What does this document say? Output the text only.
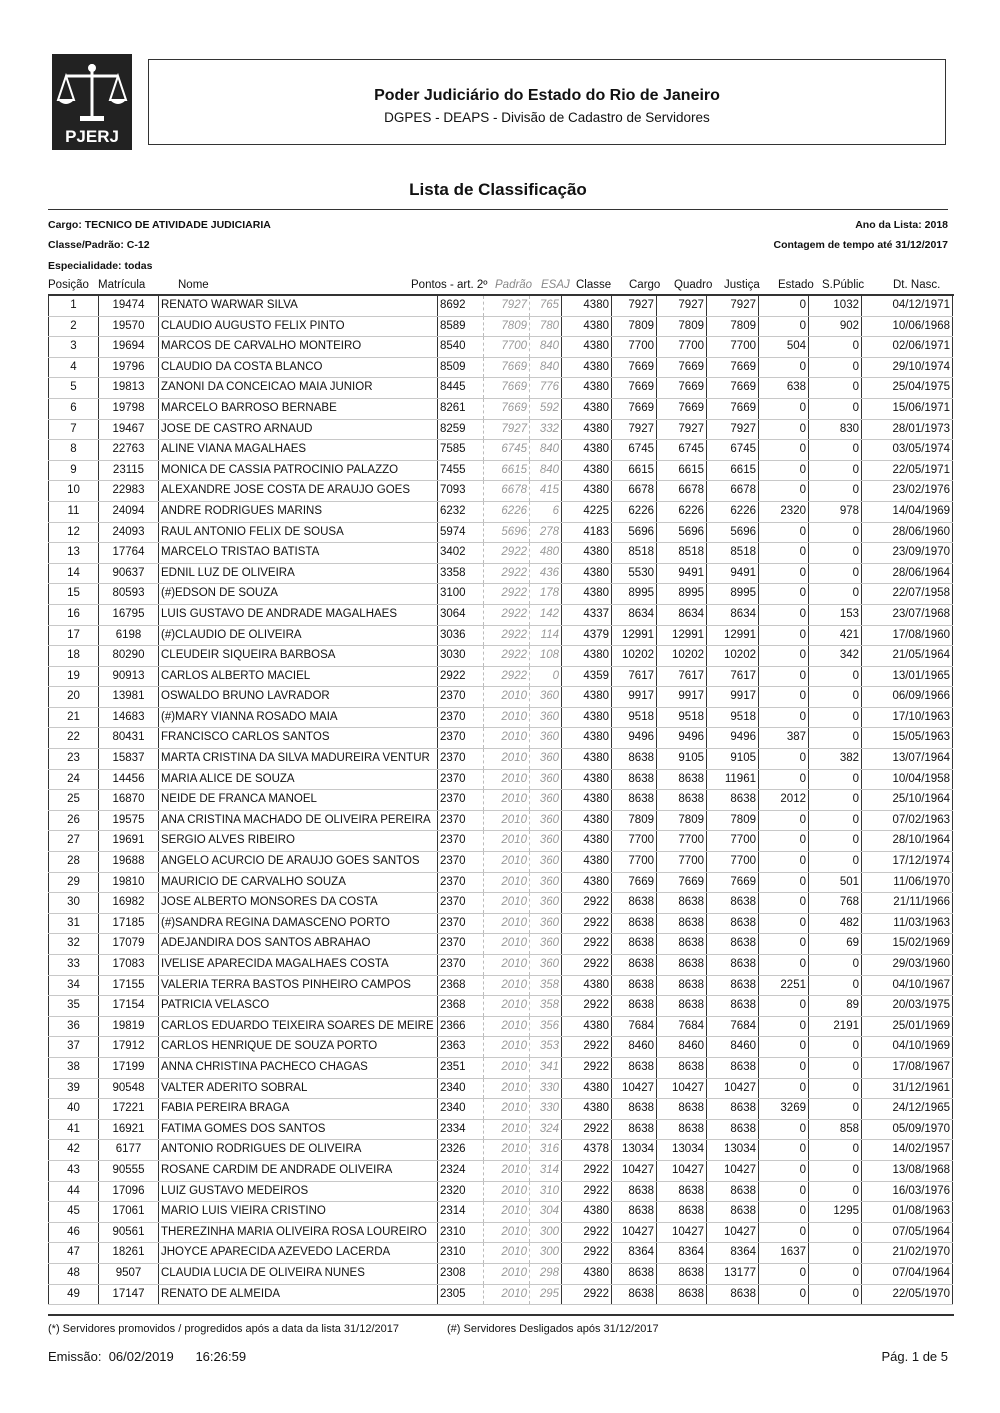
PJERJ
Poder Judiciário do Estado do Rio de Janeiro
DGPES - DEAPS - Divisão de Cadastro de Servidores
Lista de Classificação
Cargo: TECNICO DE ATIVIDADE JUDICIARIA	Ano da Lista: 2018
Classe/Padrão: C-12	Contagem de tempo até 31/12/2017
Especialidade: todas
Posição Matrícula	Nome	Pontos - art. 2º Padrão ESAJ Classe Cargo Quadro Justiça Estado S.Públic	Dt. Nasc.
1	19474	RENATO WARWAR SILVA	8692	7927	765	4380	7927	7927	7927	0	1032	04/12/1971
2	19570	CLAUDIO AUGUSTO FELIX PINTO	8589	7809	780	4380	7809	7809	7809	0	902	10/06/1968
3	19694	MARCOS DE CARVALHO MONTEIRO	8540	7700	840	4380	7700	7700	7700	504	0	02/06/1971
4	19796	CLAUDIO DA COSTA BLANCO	8509	7669	840	4380	7669	7669	7669	0	0	29/10/1974
5	19813	ZANONI DA CONCEICAO MAIA JUNIOR	8445	7669	776	4380	7669	7669	7669	638	0	25/04/1975
6	19798	MARCELO BARROSO BERNABE	8261	7669	592	4380	7669	7669	7669	0	0	15/06/1971
7	19467	JOSE DE CASTRO ARNAUD	8259	7927	332	4380	7927	7927	7927	0	830	28/01/1973
8	22763	ALINE VIANA MAGALHAES	7585	6745	840	4380	6745	6745	6745	0	0	03/05/1974
9	23115	MONICA DE CASSIA PATROCINIO PALAZZO	7455	6615	840	4380	6615	6615	6615	0	0	22/05/1971
10	22983	ALEXANDRE JOSE COSTA DE ARAUJO GOES	7093	6678	415	4380	6678	6678	6678	0	0	23/02/1976
11	24094	ANDRE RODRIGUES MARINS	6232	6226	6	4225	6226	6226	6226	2320	978	14/04/1969
12	24093	RAUL ANTONIO FELIX DE SOUSA	5974	5696	278	4183	5696	5696	5696	0	0	28/06/1960
13	17764	MARCELO TRISTAO BATISTA	3402	2922	480	4380	8518	8518	8518	0	0	23/09/1970
14	90637	EDNIL LUZ DE OLIVEIRA	3358	2922	436	4380	5530	9491	9491	0	0	28/06/1964
15	80593	(#)EDSON DE SOUZA	3100	2922	178	4380	8995	8995	8995	0	0	22/07/1958
16	16795	LUIS GUSTAVO DE ANDRADE MAGALHAES	3064	2922	142	4337	8634	8634	8634	0	153	23/07/1968
17	6198	(#)CLAUDIO DE OLIVEIRA	3036	2922	114	4379	12991	12991	12991	0	421	17/08/1960
18	80290	CLEUDEIR SIQUEIRA BARBOSA	3030	2922	108	4380	10202	10202	10202	0	342	21/05/1964
19	90913	CARLOS ALBERTO MACIEL	2922	2922	0	4359	7617	7617	7617	0	0	13/01/1965
20	13981	OSWALDO BRUNO LAVRADOR	2370	2010	360	4380	9917	9917	9917	0	0	06/09/1966
21	14683	(#)MARY VIANNA ROSADO MAIA	2370	2010	360	4380	9518	9518	9518	0	0	17/10/1963
22	80431	FRANCISCO CARLOS SANTOS	2370	2010	360	4380	9496	9496	9496	387	0	15/05/1963
23	15837	MARTA CRISTINA DA SILVA MADUREIRA VENTUR	2370	2010	360	4380	8638	9105	9105	0	382	13/07/1964
24	14456	MARIA ALICE DE SOUZA	2370	2010	360	4380	8638	8638	11961	0	0	10/04/1958
25	16870	NEIDE DE FRANCA MANOEL	2370	2010	360	4380	8638	8638	8638	2012	0	25/10/1964
26	19575	ANA CRISTINA MACHADO DE OLIVEIRA PEREIRA	2370	2010	360	4380	7809	7809	7809	0	0	07/02/1963
27	19691	SERGIO ALVES RIBEIRO	2370	2010	360	4380	7700	7700	7700	0	0	28/10/1964
28	19688	ANGELO ACURCIO DE ARAUJO GOES SANTOS	2370	2010	360	4380	7700	7700	7700	0	0	17/12/1974
29	19810	MAURICIO DE CARVALHO SOUZA	2370	2010	360	4380	7669	7669	7669	0	501	11/06/1970
30	16982	JOSE ALBERTO MONSORES DA COSTA	2370	2010	360	2922	8638	8638	8638	0	768	21/11/1966
31	17185	(#)SANDRA REGINA DAMASCENO PORTO	2370	2010	360	2922	8638	8638	8638	0	482	11/03/1963
32	17079	ADEJANDIRA DOS SANTOS ABRAHAO	2370	2010	360	2922	8638	8638	8638	0	69	15/02/1969
33	17083	IVELISE APARECIDA MAGALHAES COSTA	2370	2010	360	2922	8638	8638	8638	0	0	29/03/1960
34	17155	VALERIA TERRA BASTOS PINHEIRO CAMPOS	2368	2010	358	4380	8638	8638	8638	2251	0	04/10/1967
35	17154	PATRICIA VELASCO	2368	2010	358	2922	8638	8638	8638	0	89	20/03/1975
36	19819	CARLOS EDUARDO TEIXEIRA SOARES DE MEIRE	2366	2010	356	4380	7684	7684	7684	0	2191	25/01/1969
37	17912	CARLOS HENRIQUE DE SOUZA PORTO	2363	2010	353	2922	8460	8460	8460	0	0	04/10/1969
38	17199	ANNA CHRISTINA PACHECO CHAGAS	2351	2010	341	2922	8638	8638	8638	0	0	17/08/1967
39	90548	VALTER ADERITO SOBRAL	2340	2010	330	4380	10427	10427	10427	0	0	31/12/1961
40	17221	FABIA PEREIRA BRAGA	2340	2010	330	4380	8638	8638	8638	3269	0	24/12/1965
41	16921	FATIMA GOMES DOS SANTOS	2334	2010	324	2922	8638	8638	8638	0	858	05/09/1970
42	6177	ANTONIO RODRIGUES DE OLIVEIRA	2326	2010	316	4378	13034	13034	13034	0	0	14/02/1957
43	90555	ROSANE CARDIM DE ANDRADE OLIVEIRA	2324	2010	314	2922	10427	10427	10427	0	0	13/08/1968
44	17096	LUIZ GUSTAVO MEDEIROS	2320	2010	310	2922	8638	8638	8638	0	0	16/03/1976
45	17061	MARIO LUIS VIEIRA CRISTINO	2314	2010	304	4380	8638	8638	8638	0	1295	01/08/1963
46	90561	THEREZINHA MARIA OLIVEIRA ROSA LOUREIRO	2310	2010	300	2922	10427	10427	10427	0	0	07/05/1964
47	18261	JHOYCE APARECIDA AZEVEDO LACERDA	2310	2010	300	2922	8364	8364	8364	1637	0	21/02/1970
48	9507	CLAUDIA LUCIA DE OLIVEIRA NUNES	2308	2010	298	4380	8638	8638	13177	0	0	07/04/1964
49	17147	RENATO DE ALMEIDA	2305	2010	295	2922	8638	8638	8638	0	0	22/05/1970
(*) Servidores promovidos / progredidos após a data da lista 31/12/2017	(#) Servidores Desligados após 31/12/2017
Emissão: 06/02/2019 16:26:59	Pág. 1 de 5
